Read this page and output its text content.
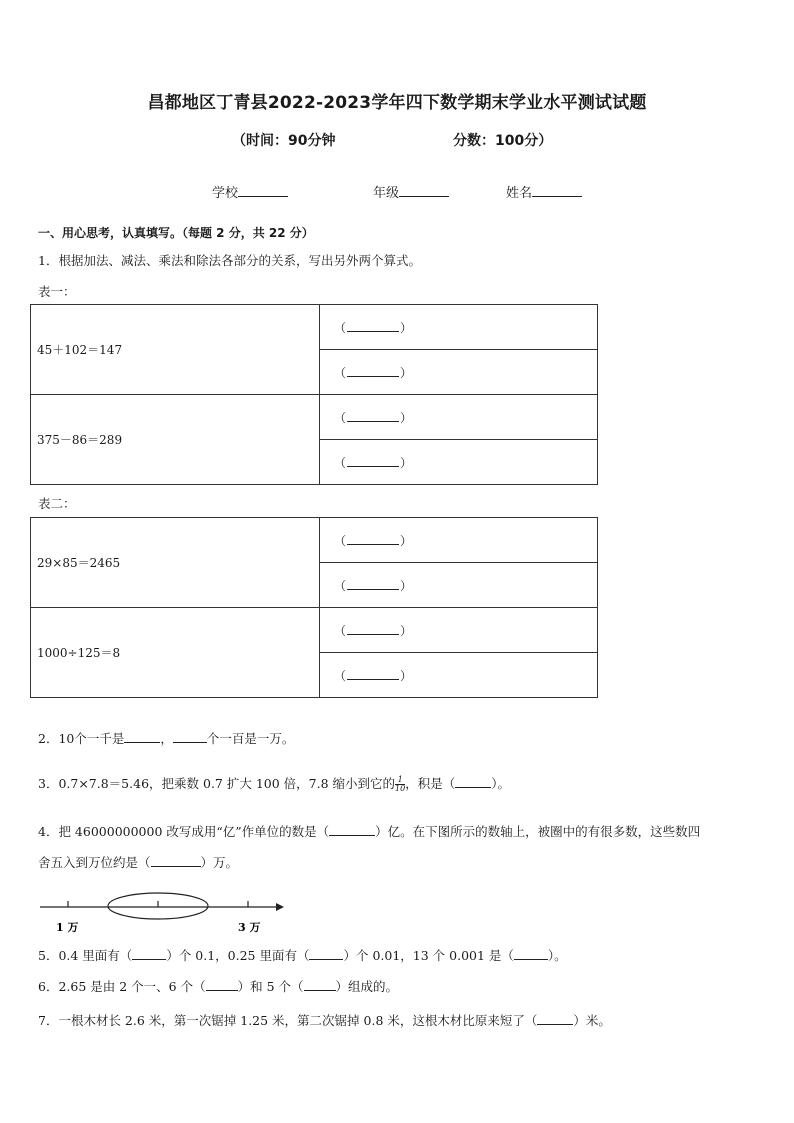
昌都地区丁青县2022-2023学年四下数学期末学业水平测试试题
（时间：90分钟	分数：100分）
学校	年级	姓名
一、用心思考，认真填写。（每题 2 分，共 22 分）
1．根据加法、减法、乘法和除法各部分的关系，写出另外两个算式。
表一：
45＋102＝147	（ ）
	（ ）
375－86＝289	（ ）
	（ ）
表二：
29×85＝2465	（ ）
	（ ）
1000÷125＝8	（ ）
	（ ）
2．10个一千是	，	个一百是一万。
3．0.7×7.8＝5.46，把乘数 0.7 扩大 100 倍，7.8 缩小到它的 $\frac{1}{10}$ ，积是（	）。
4．把 46000000000 改写成用“亿”作单位的数是（	）亿。在下图所示的数轴上，被圈中的有很多数，这些数四
舍五入到万位约是（	）万。
1 万	3 万
5．0.4 里面有（	）个 0.1，0.25 里面有（	）个 0.01，13 个 0.001 是（	）。
6．2.65 是由 2 个一、6 个（	）和 5 个（	）组成的。
7．一根木材长 2.6 米，第一次锯掉 1.25 米，第二次锯掉 0.8 米，这根木材比原来短了（	）米。
